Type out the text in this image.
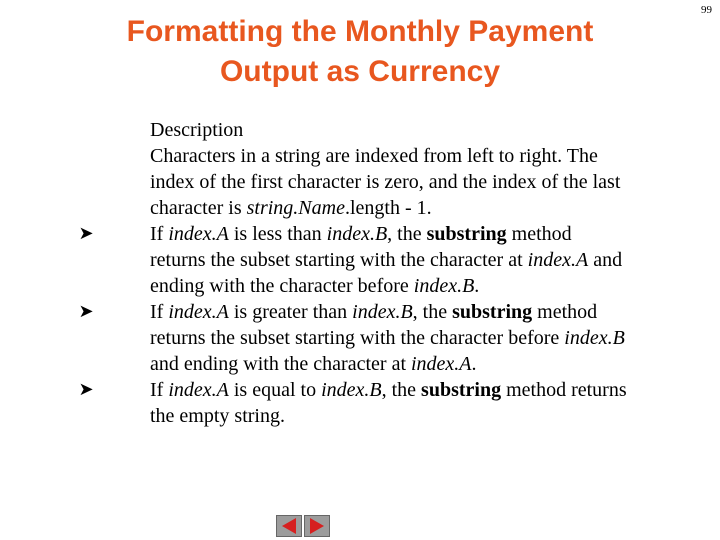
Formatting the Monthly Payment
Output as Currency
99

Description

Characters in a string are indexed from left to right. The index of the first character is zero, and the index of the last character is string.Name.length - 1.

➤	If index.A is less than index.B, the substring method returns the subset starting with the character at index.A and ending with the character before index.B.

➤	If index.A is greater than index.B, the substring method returns the subset starting with the character before index.B and ending with the character at index.A.

➤	If index.A is equal to index.B, the substring method returns the empty string.
